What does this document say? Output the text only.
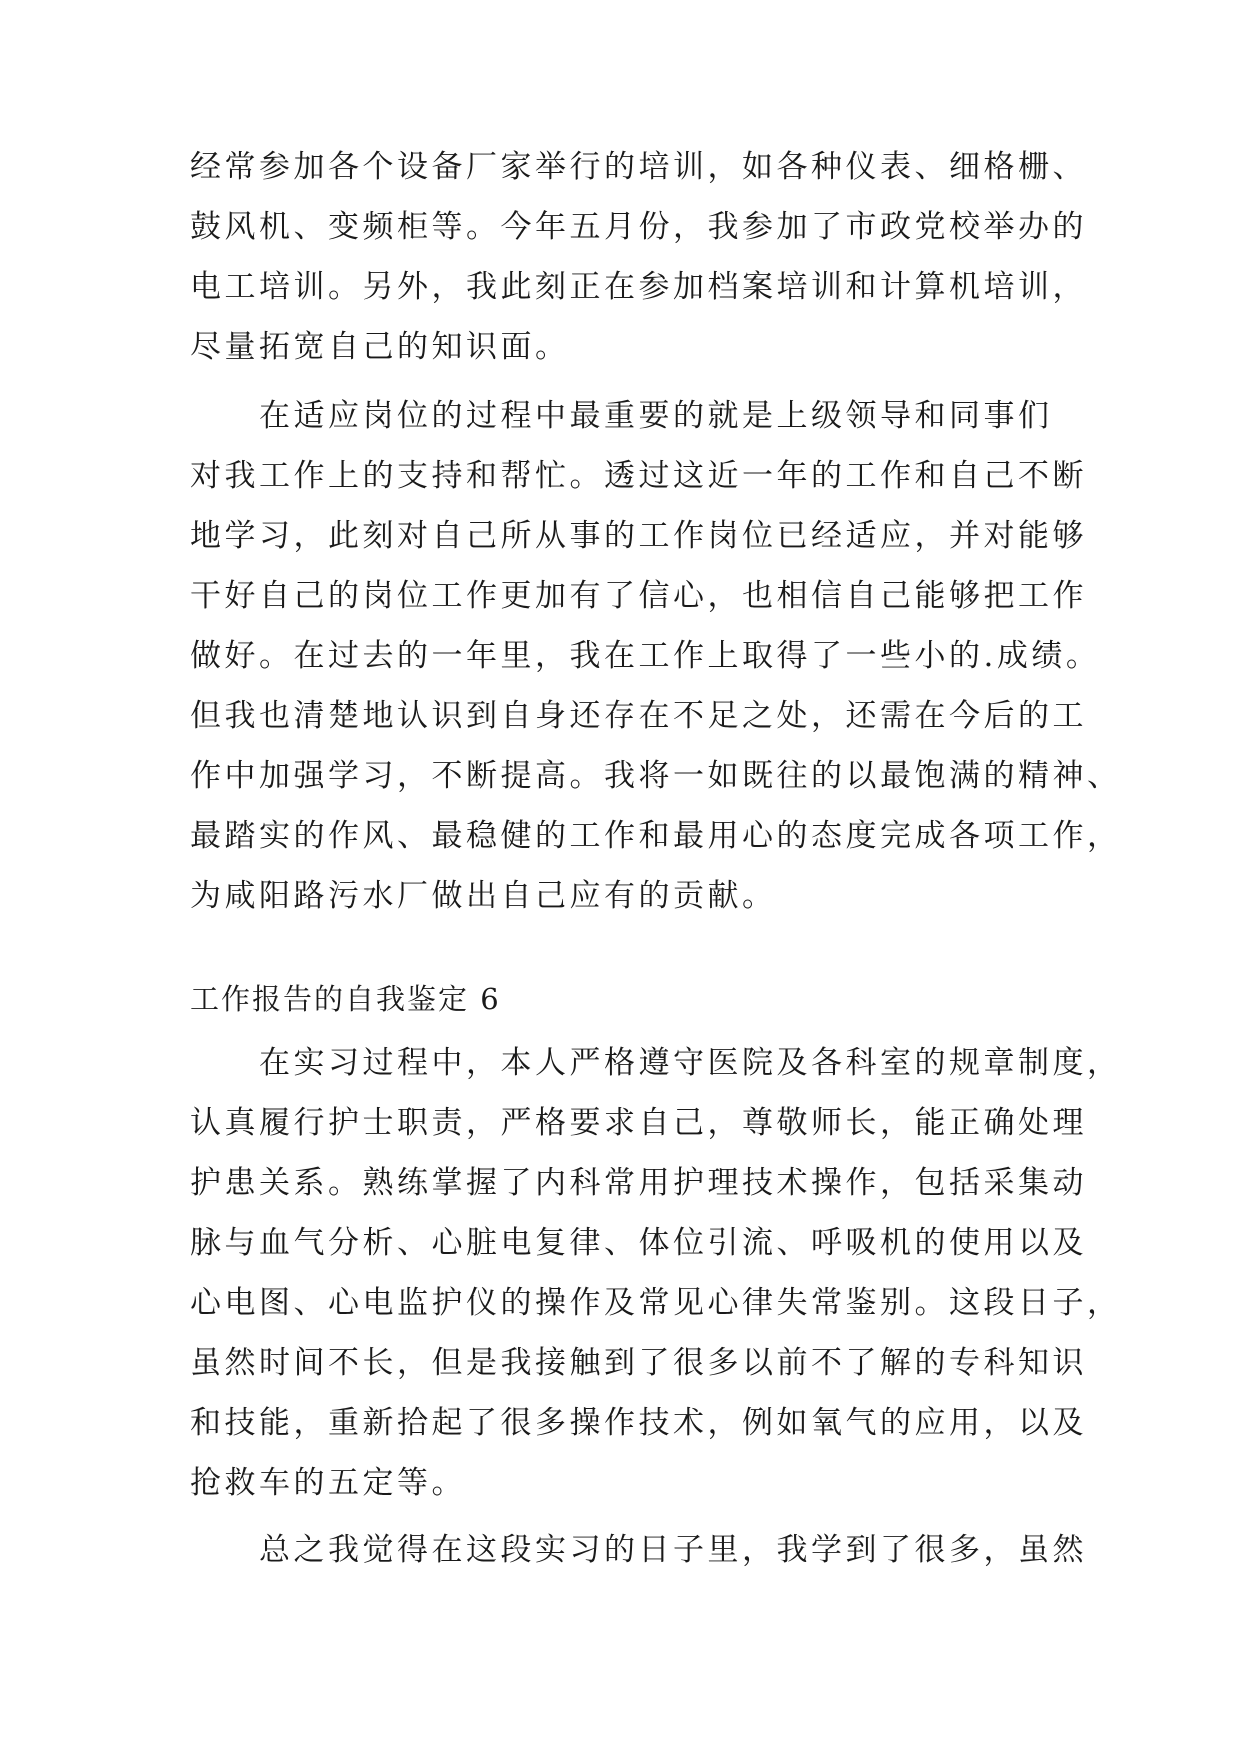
经常参加各个设备厂家举行的培训，如各种仪表、细格栅、
鼓风机、变频柜等。今年五月份，我参加了市政党校举办的
电工培训。另外，我此刻正在参加档案培训和计算机培训，
尽量拓宽自己的知识面。
　　在适应岗位的过程中最重要的就是上级领导和同事们
对我工作上的支持和帮忙。透过这近一年的工作和自己不断
地学习，此刻对自己所从事的工作岗位已经适应，并对能够
干好自己的岗位工作更加有了信心，也相信自己能够把工作
做好。在过去的一年里，我在工作上取得了一些小的.成绩。
但我也清楚地认识到自身还存在不足之处，还需在今后的工
作中加强学习，不断提高。我将一如既往的以最饱满的精神、
最踏实的作风、最稳健的工作和最用心的态度完成各项工作，
为咸阳路污水厂做出自己应有的贡献。
工作报告的自我鉴定 6
　　在实习过程中，本人严格遵守医院及各科室的规章制度，
认真履行护士职责，严格要求自己，尊敬师长，能正确处理
护患关系。熟练掌握了内科常用护理技术操作，包括采集动
脉与血气分析、心脏电复律、体位引流、呼吸机的使用以及
心电图、心电监护仪的操作及常见心律失常鉴别。这段日子，
虽然时间不长，但是我接触到了很多以前不了解的专科知识
和技能，重新拾起了很多操作技术，例如氧气的应用，以及
抢救车的五定等。
　　总之我觉得在这段实习的日子里，我学到了很多，虽然
